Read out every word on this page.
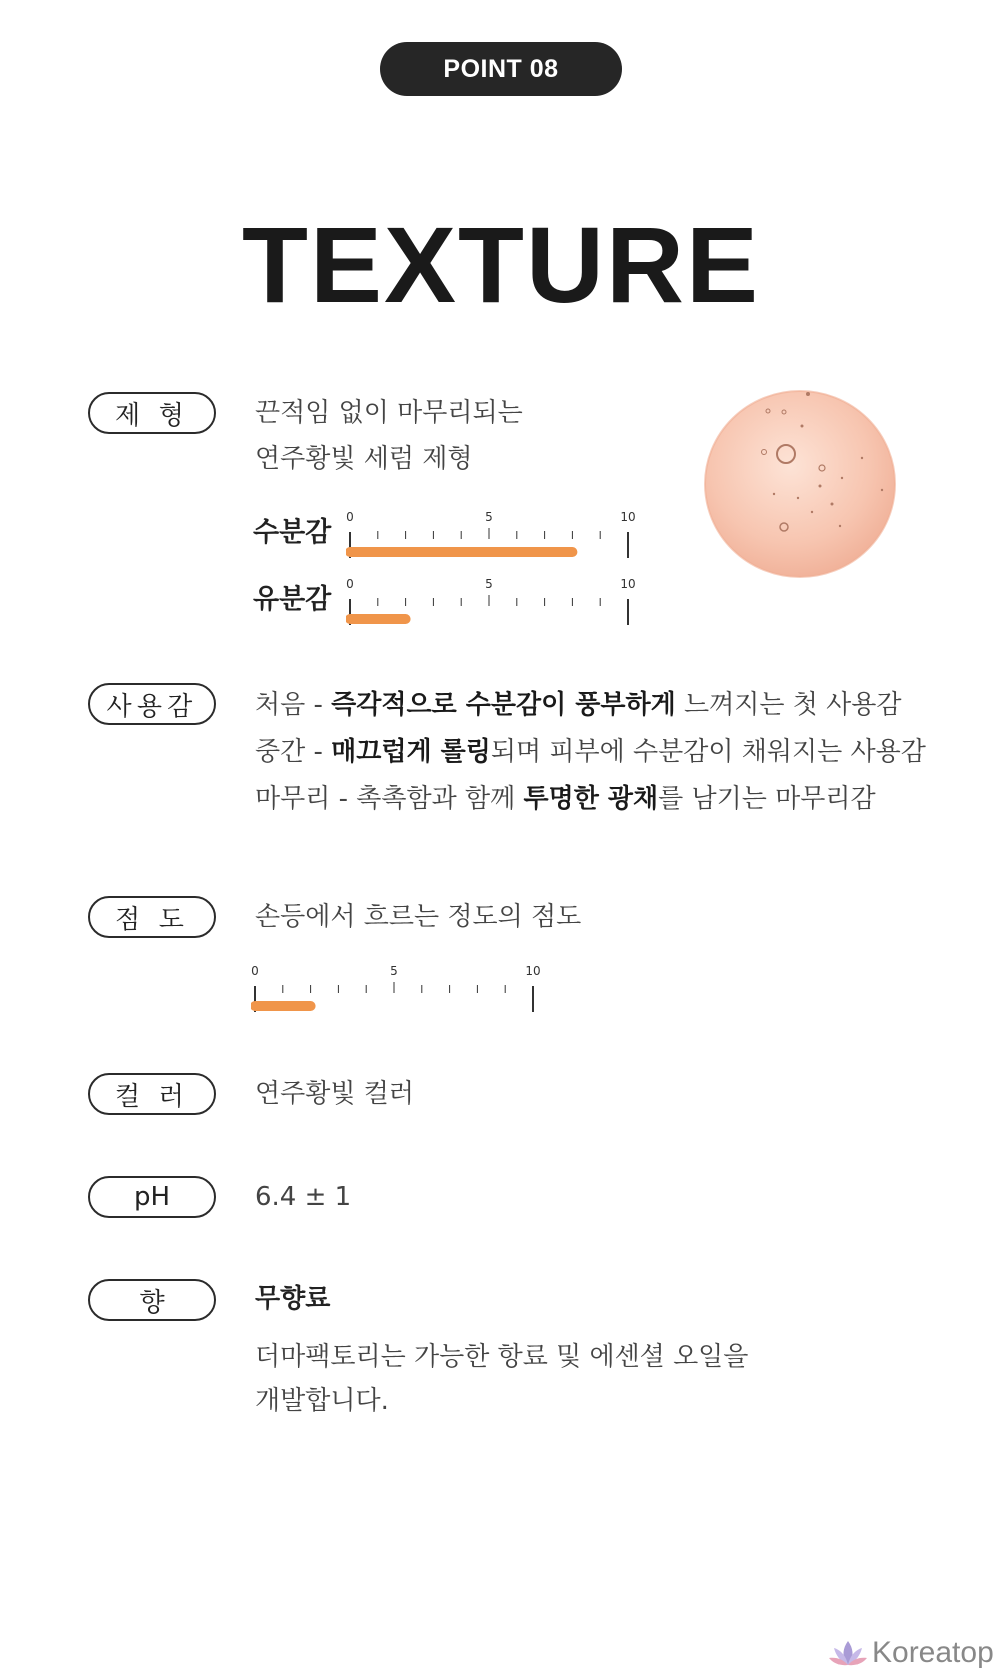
POINT 08
TEXTURE
제 형	끈적임 없이 마무리되는
연주황빛 세럼 제형
수분감 0	5	10
유분감 0	5	10
사용감	처음 - 즉각적으로 수분감이 풍부하게 느껴지는 첫 사용감
중간 - 매끄럽게 롤링되며 피부에 수분감이 채워지는 사용감
마무리 - 촉촉함과 함께 투명한 광채를 남기는 마무리감
점 도	손등에서 흐르는 정도의 점도
0	5	10
컬 러	연주황빛 컬러
pH	6.4 ± 1
향	무향료
더마팩토리는 가능한 항료 및 에센셜 오일을
개발합니다.
Koreatop
